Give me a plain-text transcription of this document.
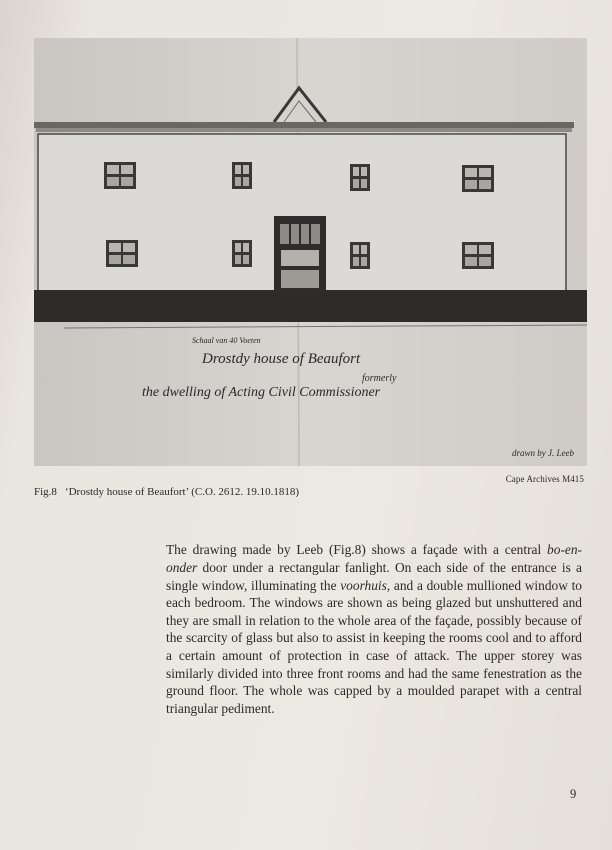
Schaal van 40 Voeten
Drostdy house of Beaufort
formerly
the dwelling of Acting Civil Commissioner
drawn by J. Leeb
Cape Archives M415
Fig.8 ‘Drostdy house of Beaufort’ (C.O. 2612. 19.10.1818)

The drawing made by Leeb (Fig.8) shows a façade with a central bo-en-onder door under a rectangular fanlight. On each side of the entrance is a single window, illuminating the voorhuis, and a double mullioned window to each bedroom. The windows are shown as being glazed but unshuttered and they are small in relation to the whole area of the façade, possibly because of the scarcity of glass but also to assist in keeping the rooms cool and to afford a certain amount of protection in case of attack. The upper storey was similarly divided into three front rooms and had the same fenestration as the ground floor. The whole was capped by a moulded parapet with a central triangular pediment.

9
